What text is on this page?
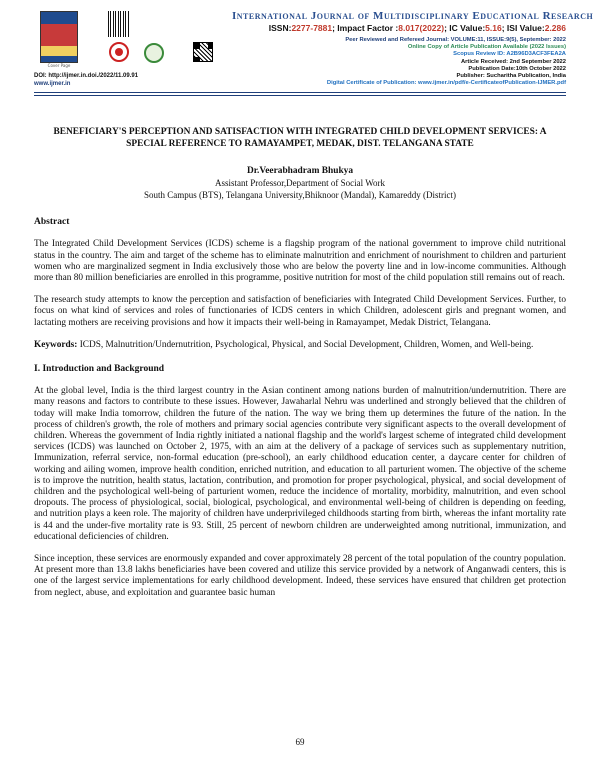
Cover Page
International Journal of Multidisciplinary Educational Research
ISSN:2277-7881; Impact Factor :8.017(2022); IC Value:5.16; ISI Value:2.286
Peer Reviewed and Refereed Journal: VOLUME:11, ISSUE:9(5), September: 2022
Online Copy of Article Publication Available (2022 Issues)
Scopus Review ID: A2B96D3ACF3FEA2A
Article Received: 2nd September 2022
Publication Date:10th October 2022
Publisher: Sucharitha Publication, India
Digital Certificate of Publication: www.ijmer.in/pdf/e-CertificateofPublication-IJMER.pdf
DOI: http://ijmer.in.doi./2022/11.09.91
www.ijmer.in
BENEFICIARY'S PERCEPTION AND SATISFACTION WITH INTEGRATED CHILD DEVELOPMENT SERVICES: A SPECIAL REFERENCE TO RAMAYAMPET, MEDAK, DIST. TELANGANA STATE
Dr.Veerabhadram Bhukya
Assistant Professor,Department of Social Work
South Campus (BTS), Telangana University,Bhiknoor (Mandal), Kamareddy (District)
Abstract

The Integrated Child Development Services (ICDS) scheme is a flagship program of the national government to improve child nutritional status in the country. The aim and target of the scheme has to eliminate malnutrition and enrichment of nourishment to children and parturient women who are marginalized segment in India exclusively those who are below the poverty line and in low-income communities. Although more than 80 million beneficiaries are enrolled in this programme, positive nutrition for most of the child population still remains out of reach.

The research study attempts to know the perception and satisfaction of beneficiaries with Integrated Child Development Services. Further, to focus on what kind of services and roles of functionaries of ICDS centers in which Children, adolescent girls and pregnant women, and lactating mothers are receiving provisions and how it impacts their well-being in Ramayampet, Medak District, Telangana.

Keywords: ICDS, Malnutrition/Undernutrition, Psychological, Physical, and Social Development, Children, Women, and Well-being.

I. Introduction and Background

At the global level, India is the third largest country in the Asian continent among nations burden of malnutrition/undernutrition. There are many reasons and factors to contribute to these issues. However, Jawaharlal Nehru was underlined and strongly believed that the children of today will make India tomorrow, children the future of the nation. The way we bring them up determines the future of the nation. In the process of children's growth, the role of mothers and primary social agencies contribute very significant aspects to the overall development of children. Whereas the government of India rightly initiated a national flagship and the world's largest scheme of integrated child development services (ICDS) was launched on October 2, 1975, with an aim at the delivery of a package of services such as supplementary nutrition, Immunization, referral service, non-formal education (pre-school), an early childhood education center, a daycare center for children of working and ailing women, improve health condition, enriched nutrition, and education to all parturient women. The objective of the scheme is to improve the nutrition, health status, lactation, contribution, and promotion for proper psychological, physical, and social development of children and the psychological well-being of parturient women, reduce the incidence of mortality, morbidity, malnutrition, and even school dropouts. The process of physiological, social, biological, psychological, and environmental well-being of children is depending on feeding, and nutrition plays a keen role. The majority of children have underprivileged childhoods starting from birth, whereas the infant mortality rate is 44 and the under-five mortality rate is 93. Still, 25 percent of newborn children are underweighted among nutritional, immunization, and educational deficiencies of children.

Since inception, these services are enormously expanded and cover approximately 28 percent of the total population of the country population. At present more than 13.8 lakhs beneficiaries have been covered and utilize this service provided by a network of Anganwadi centers, this is one of the largest service implementations for early childhood development. Indeed, these services have ensured that children get protection from neglect, abuse, and exploitation and guarantee basic human

69
